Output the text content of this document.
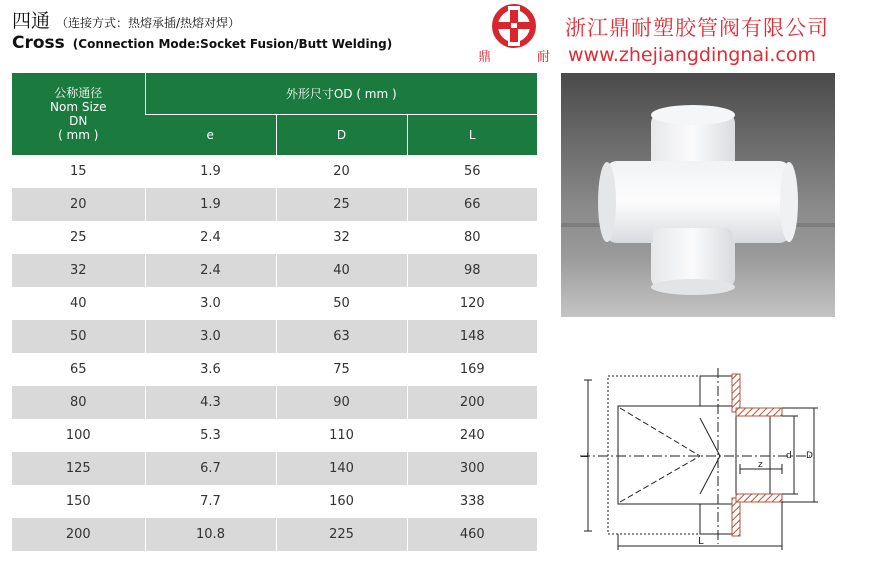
四通 （连接方式：热熔承插/热熔对焊）
Cross (Connection Mode:Socket Fusion/Butt Welding)
鼎	耐
浙江鼎耐塑胶管阀有限公司
www.zhejiangdingnai.com
公称通径
Nom Size
DN
( mm )	外形尺寸OD ( mm )		
	e	D	L
15	1.9	20	56
20	1.9	25	66
25	2.4	32	80
32	2.4	40	98
40	3.0	50	120
50	3.0	63	148
65	3.6	75	169
80	4.3	90	200
100	5.3	110	240
125	6.7	140	300
150	7.7	160	338
200	10.8	225	460
L
L
z
d D
